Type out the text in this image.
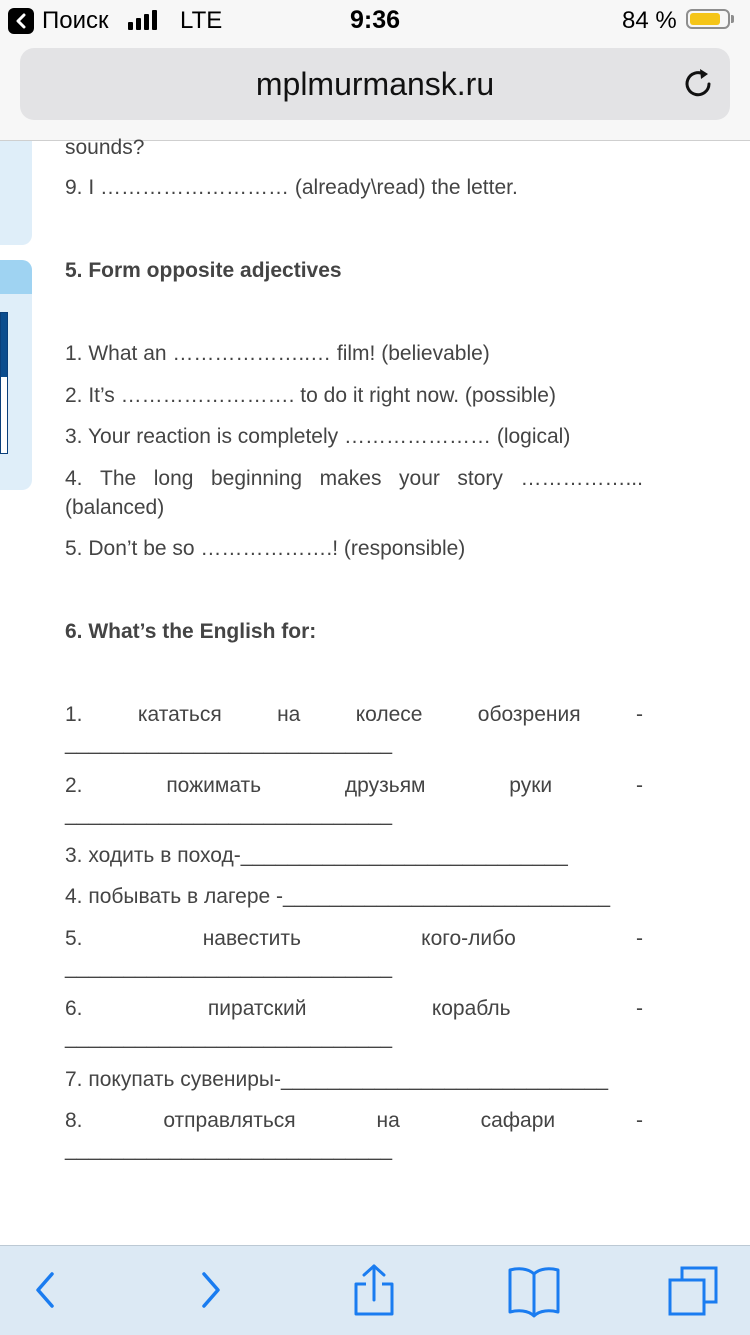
Поиск	LTE	9:36	84 %
mplmurmansk.ru
sounds?
9. I ……………………… (already\read) the letter.
5. Form opposite adjectives
1. What an ………………..… film! (believable)
2. It’s ……………………. to do it right now. (possible)
3. Your reaction is completely ………………… (logical)
4. The long beginning makes your story ……………...
(balanced)
5. Don’t be so ……………….! (responsible)
6. What’s the English for:
1.	кататься	на	колесе	обозрения	-
____________________________
2.	пожимать	друзьям	руки	-
____________________________
3. ходить в поход-____________________________
4. побывать в лагере -____________________________
5.	навестить	кого-либо	-
____________________________
6.	пиратский	корабль	-
____________________________
7. покупать сувениры-____________________________
8.	отправляться	на	сафари	-
____________________________
